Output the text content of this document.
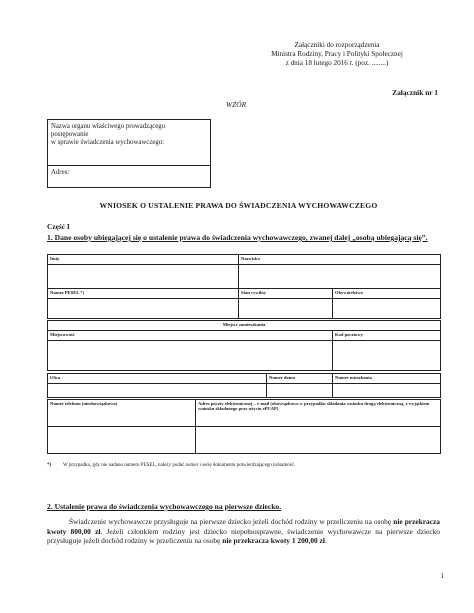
Załączniki do rozporządzenia
Ministra Rodziny, Pracy i Polityki Społecznej
z dnia 18 lutego 2016 r. (poz. ........)
Załącznik nr 1
WZÓR
Nazwa organu właściwego prowadzącego
postępowanie
w sprawie świadczenia wychowawczego:
Adres:
WNIOSEK O USTALENIE PRAWA DO ŚWIADCZENIA WYCHOWAWCZEGO
Część I
1. Dane osoby ubiegającej się o ustalenie prawa do świadczenia wychowawczego, zwanej dalej „osobą ubiegającą się”.
Imię	Nazwisko

Numer PESEL *)	Stan cywilny	Obywatelstwo

Miejsce zamieszkania	
Miejscowość	Kod pocztowy

Ulica	Numer domu	Numer mieszkania

Numer telefonu (nieobowiązkowo)	Adres poczty elektronicznej – e-mail (obowiązkowo w przypadku składania wniosku drogą elektroniczną, z wyjątkiem wniosku składanego przy użyciu ePUAP)

*) W przypadku, gdy nie nadano numeru PESEL, należy podać numer i serię dokumentu potwierdzającego tożsamość.
2. Ustalenie prawa do świadczenia wychowawczego na pierwsze dziecko.
Świadczenie wychowawcze przysługuje na pierwsze dziecko jeżeli dochód rodziny w przeliczeniu na osobę nie przekracza kwoty 800,00 zł. Jeżeli członkiem rodziny jest dziecko niepełnosprawne, świadczenie wychowawcze na pierwsze dziecko przysługuje jeżeli dochód rodziny w przeliczeniu na osobę nie przekracza kwoty 1 200,00 zł.
1
